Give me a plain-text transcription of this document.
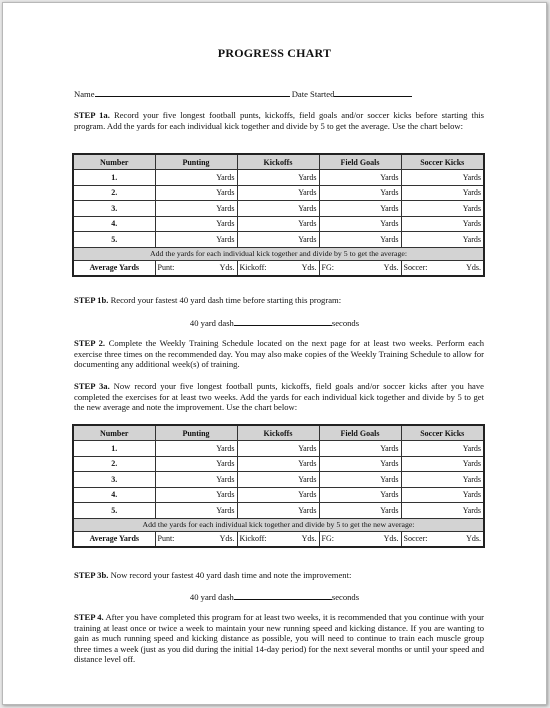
PROGRESS CHART
Name	Date Started
STEP 1a. Record your five longest football punts, kickoffs, field goals and/or soccer kicks before starting this program. Add the yards for each individual kick together and divide by 5 to get the average. Use the chart below:
Number	Punting	Kickoffs	Field Goals	Soccer Kicks
1.	Yards	Yards	Yards	Yards
2.	Yards	Yards	Yards	Yards
3.	Yards	Yards	Yards	Yards
4.	Yards	Yards	Yards	Yards
5.	Yards	Yards	Yards	Yards
Add the yards for each individual kick together and divide by 5 to get the average:				
Average Yards	Punt: Yds.	Kickoff: Yds.	FG: Yds.	Soccer: Yds.
STEP 1b. Record your fastest 40 yard dash time before starting this program:
40 yard dash	seconds
STEP 2. Complete the Weekly Training Schedule located on the next page for at least two weeks. Perform each exercise three times on the recommended day. You may also make copies of the Weekly Training Schedule to allow for documenting any additional week(s) of training.
STEP 3a. Now record your five longest football punts, kickoffs, field goals and/or soccer kicks after you have completed the exercises for at least two weeks. Add the yards for each individual kick together and divide by 5 to get the new average and note the improvement. Use the chart below:
Number	Punting	Kickoffs	Field Goals	Soccer Kicks
1.	Yards	Yards	Yards	Yards
2.	Yards	Yards	Yards	Yards
3.	Yards	Yards	Yards	Yards
4.	Yards	Yards	Yards	Yards
5.	Yards	Yards	Yards	Yards
Add the yards for each individual kick together and divide by 5 to get the new average:				
Average Yards	Punt: Yds.	Kickoff: Yds.	FG: Yds.	Soccer: Yds.
STEP 3b. Now record your fastest 40 yard dash time and note the improvement:
40 yard dash	seconds
STEP 4. After you have completed this program for at least two weeks, it is recommended that you continue with your training at least once or twice a week to maintain your new running speed and kicking distance. If you are wanting to gain as much running speed and kicking distance as possible, you will need to continue to train each muscle group three times a week (just as you did during the initial 14-day period) for the next several months or until your speed and distance level off.
